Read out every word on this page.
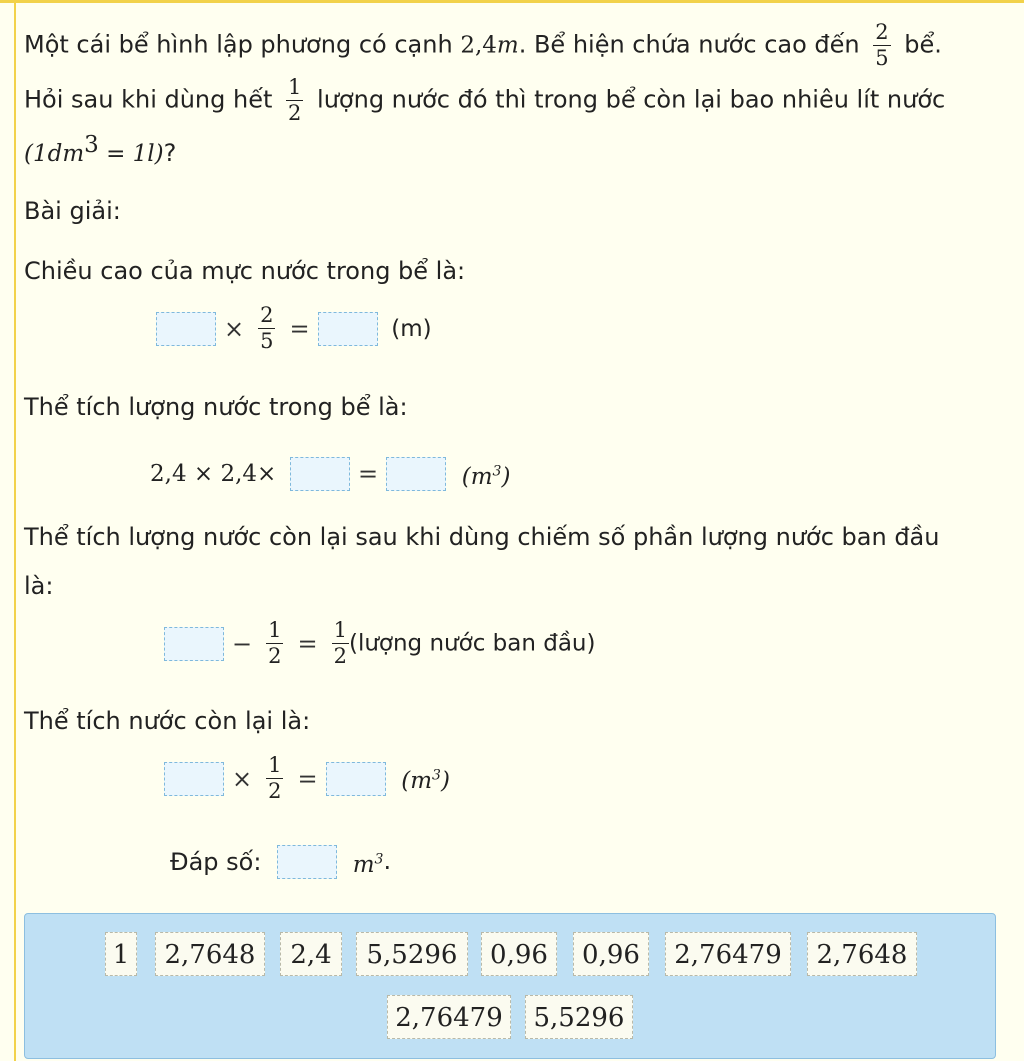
Một cái bể hình lập phương có cạnh 2,4m. Bể hiện chứa nước cao đến $\frac{2}{5}$ bể.
Hỏi sau khi dùng hết $\frac{1}{2}$ lượng nước đó thì trong bể còn lại bao nhiêu lít nước
$(1dm^3 = 1l)$?
Bài giải:
Chiều cao của mực nước trong bể là:
× $\frac{2}{5}$ =	(m)
Thể tích lượng nước trong bể là:
2,4 × 2,4×	=	$(m^3)$
Thể tích lượng nước còn lại sau khi dùng chiếm số phần lượng nước ban đầu
là:
− $\frac{1}{2} = \frac{1}{2}$ (lượng nước ban đầu)
Thể tích nước còn lại là:
× $\frac{1}{2}$ =	$(m^3)$
Đáp số:	$m^3$.
1	2,7648	2,4	5,5296	0,96	0,96	2,76479	2,7648
2,76479	5,5296
